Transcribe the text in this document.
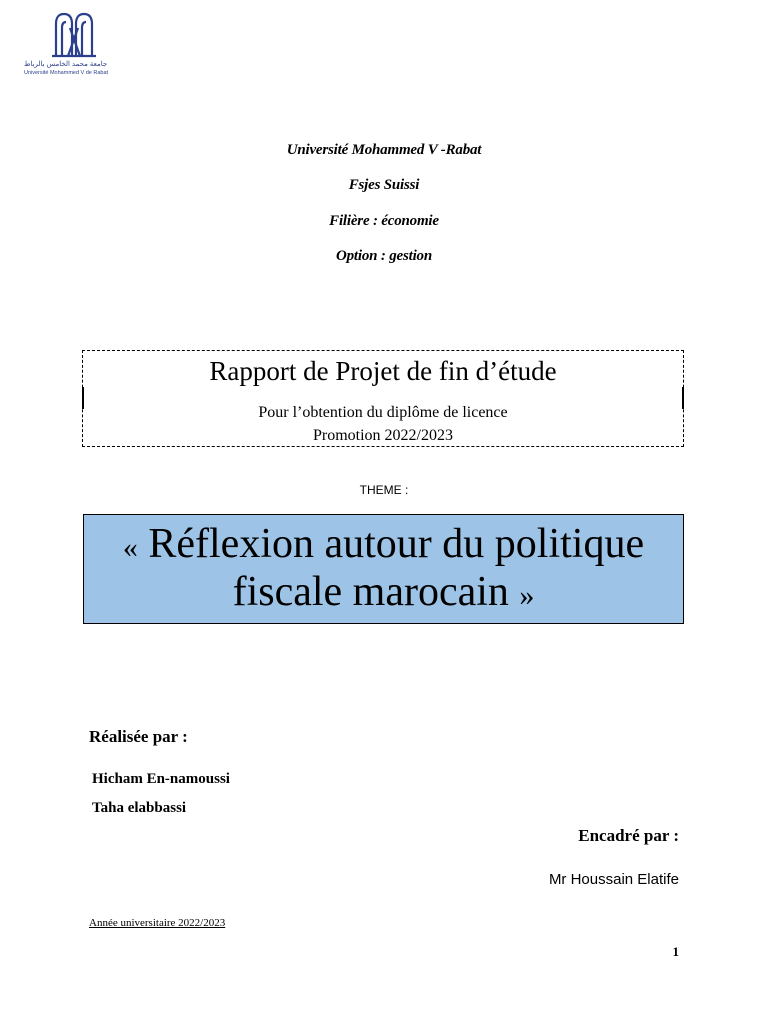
جامعة محمد الخامس بالرباط
Université Mohammed V de Rabat
Université Mohammed V -Rabat
Fsjes Suissi
Filière : économie
Option : gestion
Rapport de Projet de fin d’étude
Pour l’obtention du diplôme de licence
Promotion 2022/2023
THEME :
« Réflexion autour du politique
fiscale marocain »
Réalisée par :
Hicham En-namoussi
Taha elabbassi
Encadré par :
Mr Houssain Elatife
Année universitaire 2022/2023
1
